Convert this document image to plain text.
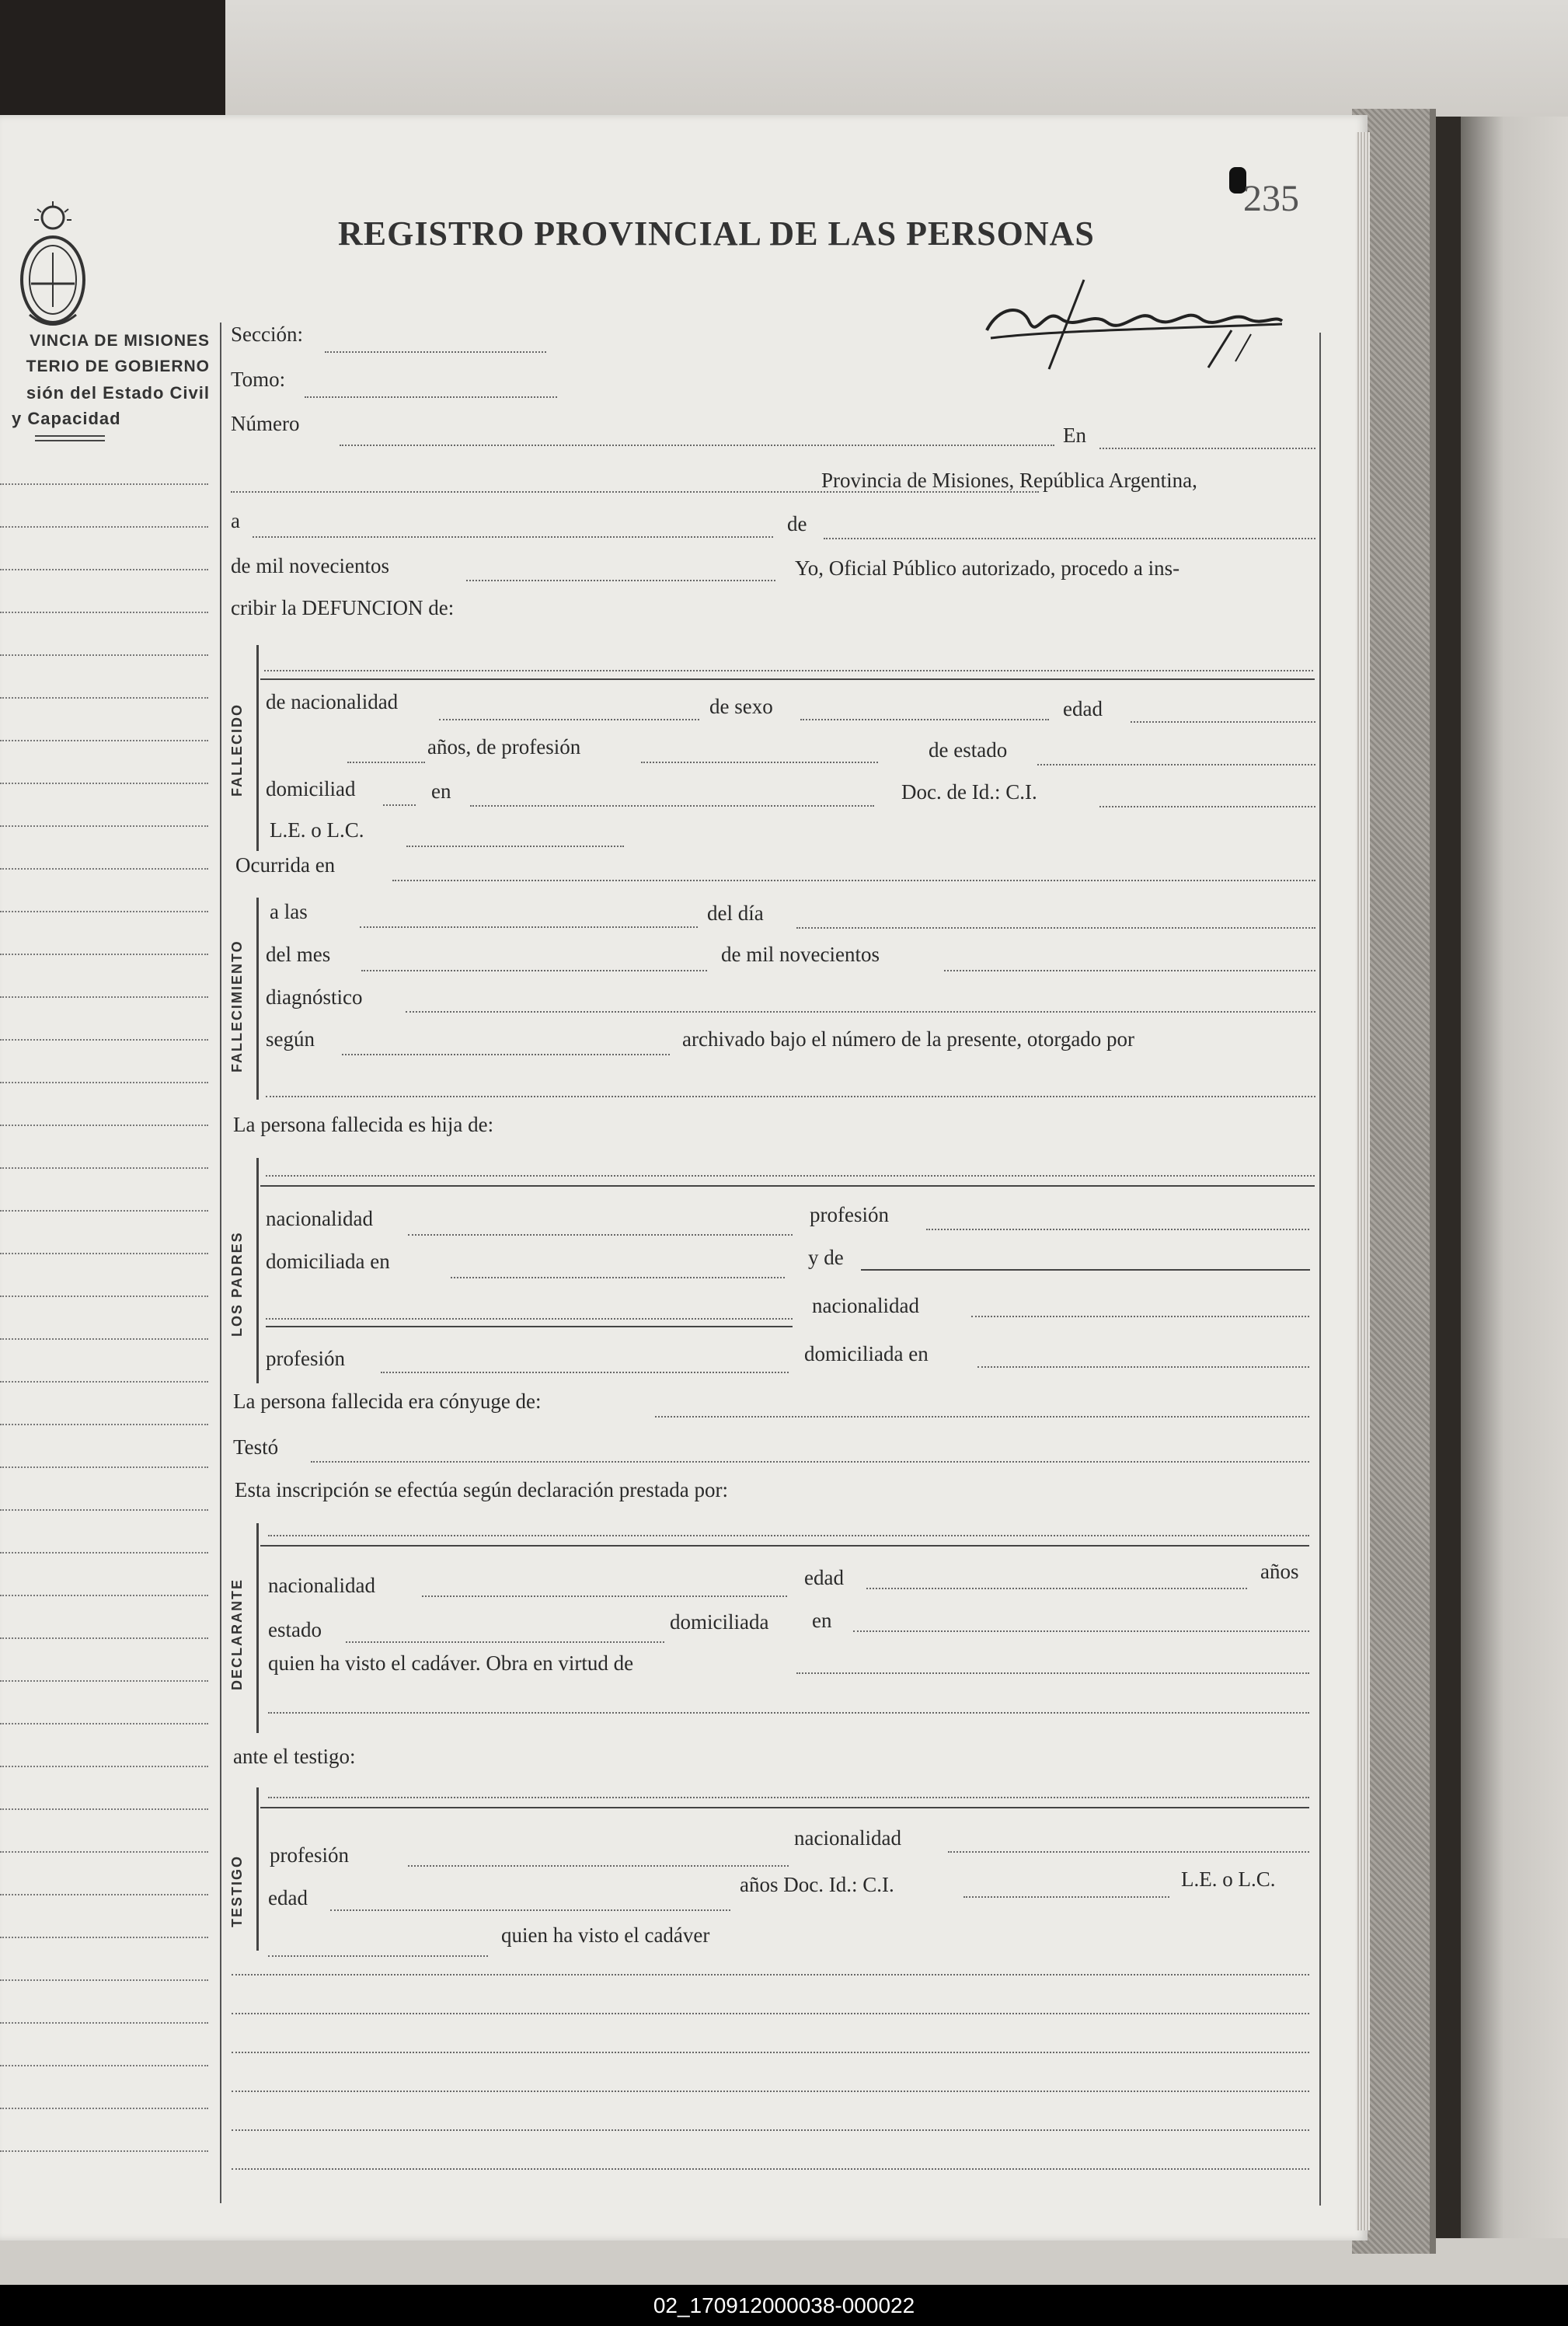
VINCIA DE MISIONES
TERIO DE GOBIERNO
sión del Estado Civil
y Capacidad
REGISTRO PROVINCIAL DE LAS PERSONAS
235
Sección:
Tomo:
Número	En
Provincia de Misiones, República Argentina,
a	de
de mil novecientos	Yo, Oficial Público autorizado, procedo a ins-
cribir la DEFUNCION de:
FALLECIDO
de nacionalidad	de sexo	edad
años, de profesión	de estado
domiciliad	en	Doc. de Id.: C.I.
L.E. o L.C.
Ocurrida en
FALLECIMIENTO
a las	del día
del mes	de mil novecientos
diagnóstico
según	archivado bajo el número de la presente, otorgado por
La persona fallecida es hija de:
LOS PADRES
nacionalidad	profesión
domiciliada en	y de
nacionalidad
profesión	domiciliada en
La persona fallecida era cónyuge de:
Testó
Esta inscripción se efectúa según declaración prestada por:
DECLARANTE nacionalidad	edad	años
estado	domiciliada en
quien ha visto el cadáver. Obra en virtud de
ante el testigo:
TESTIGO profesión
nacionalidad
edad
años Doc. Id.: C.I.	L.E. o L.C.
quien ha visto el cadáver
02_170912000038-000022
